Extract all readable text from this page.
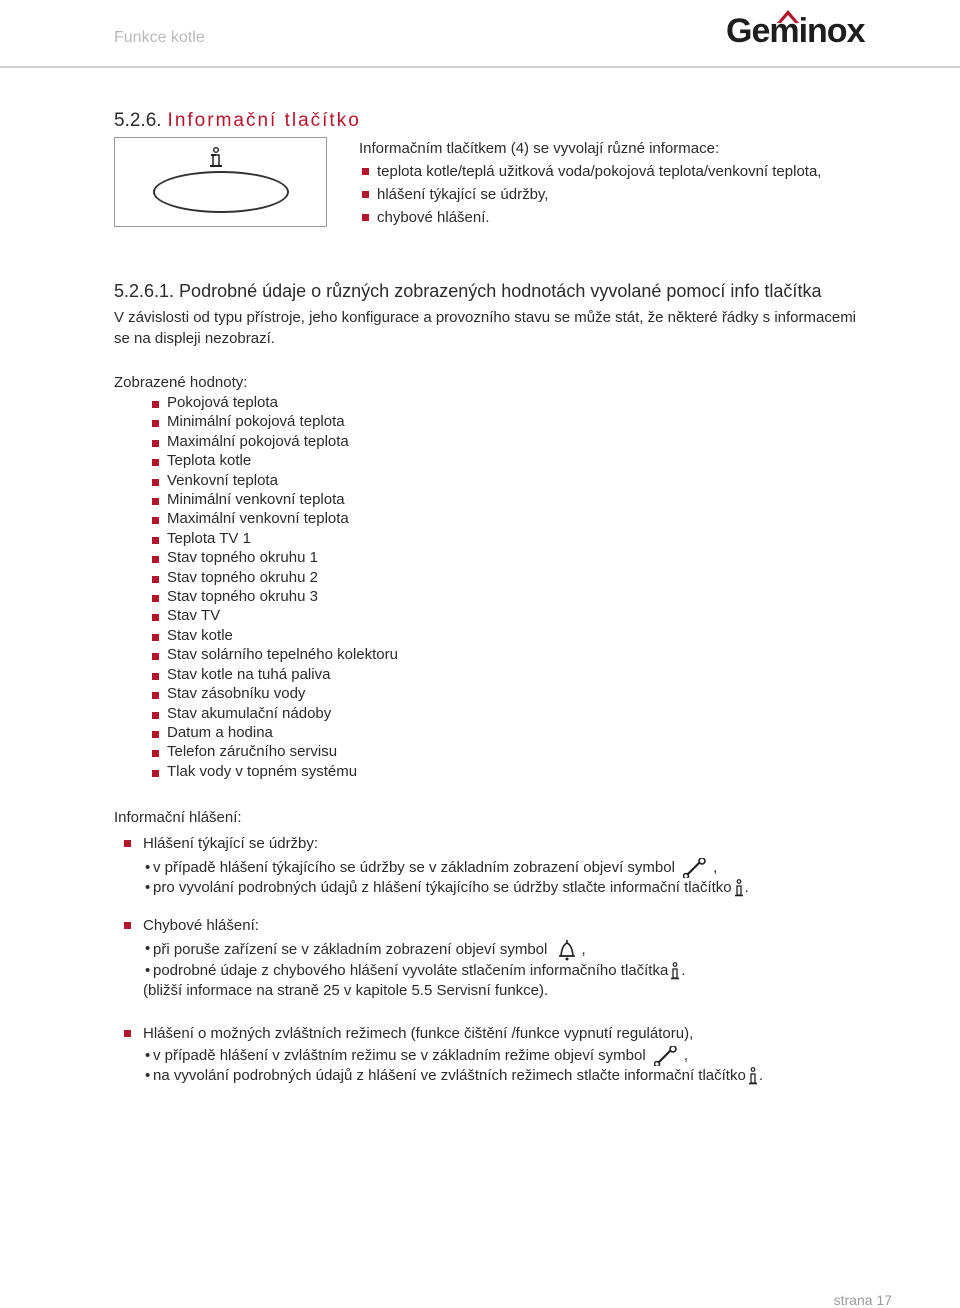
Funkce kotle	Geminox
5.2.6. Informační tlačítko
Informačním tlačítkem (4) se vyvolají různé informace:
teplota kotle/teplá užitková voda/pokojová teplota/venkovní teplota,
hlášení týkající se údržby,
chybové hlášení.
5.2.6.1. Podrobné údaje o různých zobrazených hodnotách vyvolané pomocí info tlačítka
V závislosti od typu přístroje, jeho konfigurace a provozního stavu se může stát, že některé řádky s informacemi se na displeji nezobrazí.
Zobrazené hodnoty:
Pokojová teplota
Minimální pokojová teplota
Maximální pokojová teplota
Teplota kotle
Venkovní teplota
Minimální venkovní teplota
Maximální venkovní teplota
Teplota TV 1
Stav topného okruhu 1
Stav topného okruhu 2
Stav topného okruhu 3
Stav TV
Stav kotle
Stav solárního tepelného kolektoru
Stav kotle na tuhá paliva
Stav zásobníku vody
Stav akumulační nádoby
Datum a hodina
Telefon záručního servisu
Tlak vody v topném systému
Informační hlášení:
Hlášení týkající se údržby:
• v případě hlášení týkajícího se údržby se v základním zobrazení objeví symbol	,
• pro vyvolání podrobných údajů z hlášení týkajícího se údržby stlačte informační tlačítko .
Chybové hlášení:
• při poruše zařízení se v základním zobrazení objeví symbol ,
• podrobné údaje z chybového hlášení vyvoláte stlačením informačního tlačítka .
(bližší informace na straně 25 v kapitole 5.5 Servisní funkce).
Hlášení o možných zvláštních režimech (funkce čištění /funkce vypnutí regulátoru),
• v případě hlášení v zvláštním režimu se v základním režime objeví symbol	,
• na vyvolání podrobných údajů z hlášení ve zvláštních režimech stlačte informační tlačítko .
strana 17
